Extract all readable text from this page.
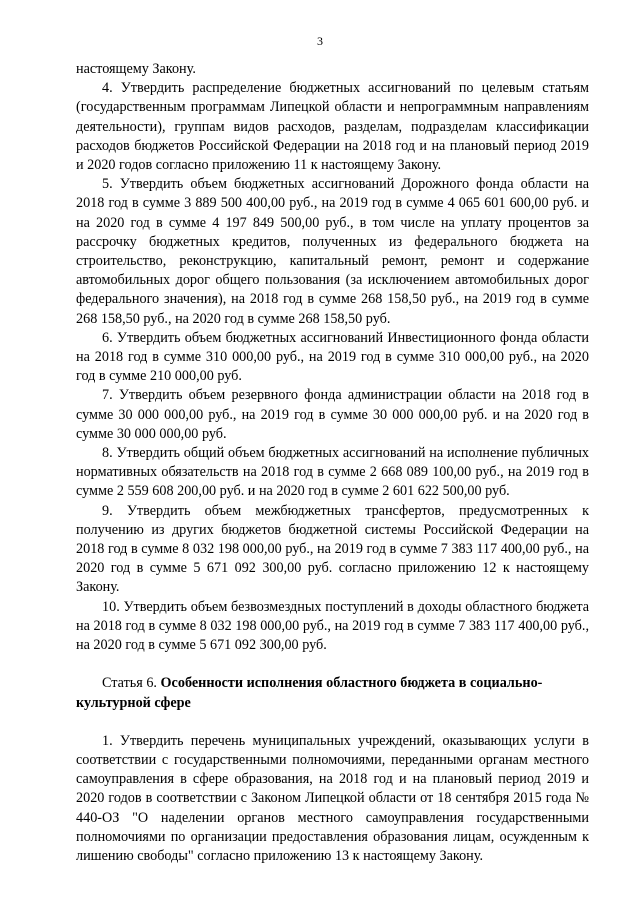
3

настоящему Закону.

4. Утвердить распределение бюджетных ассигнований по целевым статьям (государственным программам Липецкой области и непрограммным направлениям деятельности), группам видов расходов, разделам, подразделам классификации расходов бюджетов Российской Федерации на 2018 год и на плановый период 2019 и 2020 годов согласно приложению 11 к настоящему Закону.

5. Утвердить объем бюджетных ассигнований Дорожного фонда области на 2018 год в сумме 3 889 500 400,00 руб., на 2019 год в сумме 4 065 601 600,00 руб. и на 2020 год в сумме 4 197 849 500,00 руб., в том числе на уплату процентов за рассрочку бюджетных кредитов, полученных из федерального бюджета на строительство, реконструкцию, капитальный ремонт, ремонт и содержание автомобильных дорог общего пользования (за исключением автомобильных дорог федерального значения), на 2018 год в сумме 268 158,50 руб., на 2019 год в сумме 268 158,50 руб., на 2020 год в сумме 268 158,50 руб.

6. Утвердить объем бюджетных ассигнований Инвестиционного фонда области на 2018 год в сумме 310 000,00 руб., на 2019 год в сумме 310 000,00 руб., на 2020 год в сумме 210 000,00 руб.

7. Утвердить объем резервного фонда администрации области на 2018 год в сумме 30 000 000,00 руб., на 2019 год в сумме 30 000 000,00 руб. и на 2020 год в сумме 30 000 000,00 руб.

8. Утвердить общий объем бюджетных ассигнований на исполнение публичных нормативных обязательств на 2018 год в сумме 2 668 089 100,00 руб., на 2019 год в сумме 2 559 608 200,00 руб. и на 2020 год в сумме 2 601 622 500,00 руб.

9. Утвердить объем межбюджетных трансфертов, предусмотренных к получению из других бюджетов бюджетной системы Российской Федерации на 2018 год в сумме 8 032 198 000,00 руб., на 2019 год в сумме 7 383 117 400,00 руб., на 2020 год в сумме 5 671 092 300,00 руб. согласно приложению 12 к настоящему Закону.

10. Утвердить объем безвозмездных поступлений в доходы областного бюджета на 2018 год в сумме 8 032 198 000,00 руб., на 2019 год в сумме 7 383 117 400,00 руб., на 2020 год в сумме 5 671 092 300,00 руб.

Статья 6. Особенности исполнения областного бюджета в социально-культурной сфере

1. Утвердить перечень муниципальных учреждений, оказывающих услуги в соответствии с государственными полномочиями, переданными органам местного самоуправления в сфере образования, на 2018 год и на плановый период 2019 и 2020 годов в соответствии с Законом Липецкой области от 18 сентября 2015 года № 440-ОЗ "О наделении органов местного самоуправления государственными полномочиями по организации предоставления образования лицам, осужденным к лишению свободы" согласно приложению 13 к настоящему Закону.
